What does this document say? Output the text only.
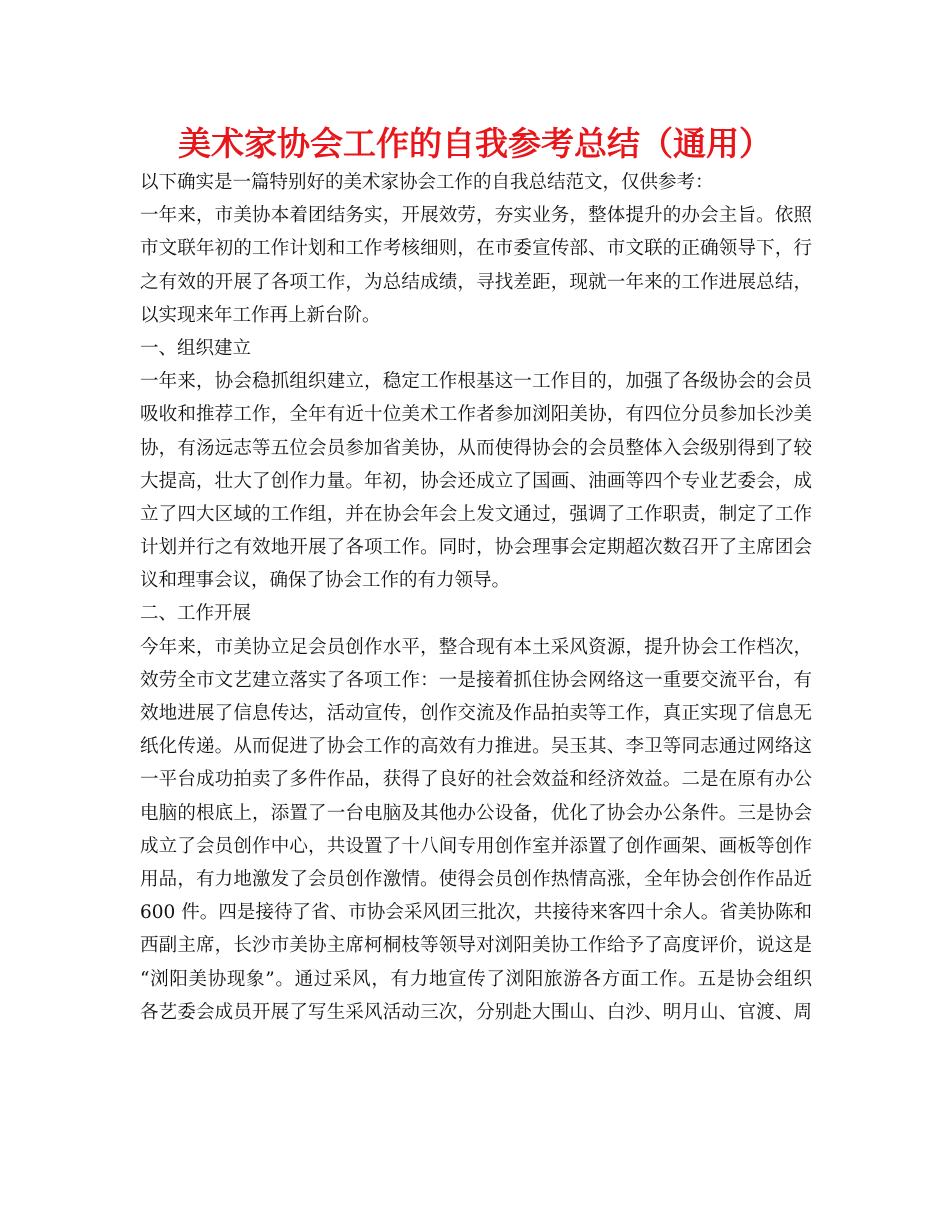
美术家协会工作的自我参考总结（通用）
以下确实是一篇特别好的美术家协会工作的自我总结范文，仅供参考：
一年来，市美协本着团结务实，开展效劳，夯实业务，整体提升的办会主旨。依照
市文联年初的工作计划和工作考核细则，在市委宣传部、市文联的正确领导下，行
之有效的开展了各项工作，为总结成绩，寻找差距，现就一年来的工作进展总结，
以实现来年工作再上新台阶。
一、组织建立
一年来，协会稳抓组织建立，稳定工作根基这一工作目的，加强了各级协会的会员
吸收和推荐工作，全年有近十位美术工作者参加浏阳美协，有四位分员参加长沙美
协，有汤远志等五位会员参加省美协，从而使得协会的会员整体入会级别得到了较
大提高，壮大了创作力量。年初，协会还成立了国画、油画等四个专业艺委会，成
立了四大区域的工作组，并在协会年会上发文通过，强调了工作职责，制定了工作
计划并行之有效地开展了各项工作。同时，协会理事会定期超次数召开了主席团会
议和理事会议，确保了协会工作的有力领导。
二、工作开展
今年来，市美协立足会员创作水平，整合现有本土采风资源，提升协会工作档次，
效劳全市文艺建立落实了各项工作：一是接着抓住协会网络这一重要交流平台，有
效地进展了信息传达，活动宣传，创作交流及作品拍卖等工作，真正实现了信息无
纸化传递。从而促进了协会工作的高效有力推进。吴玉其、李卫等同志通过网络这
一平台成功拍卖了多件作品，获得了良好的社会效益和经济效益。二是在原有办公
电脑的根底上，添置了一台电脑及其他办公设备，优化了协会办公条件。三是协会
成立了会员创作中心，共设置了十八间专用创作室并添置了创作画架、画板等创作
用品，有力地激发了会员创作激情。使得会员创作热情高涨，全年协会创作作品近
600 件。四是接待了省、市协会采风团三批次，共接待来客四十余人。省美协陈和
西副主席，长沙市美协主席柯桐枝等领导对浏阳美协工作给予了高度评价，说这是
“浏阳美协现象”。通过采风，有力地宣传了浏阳旅游各方面工作。五是协会组织
各艺委会成员开展了写生采风活动三次，分别赴大围山、白沙、明月山、官渡、周
